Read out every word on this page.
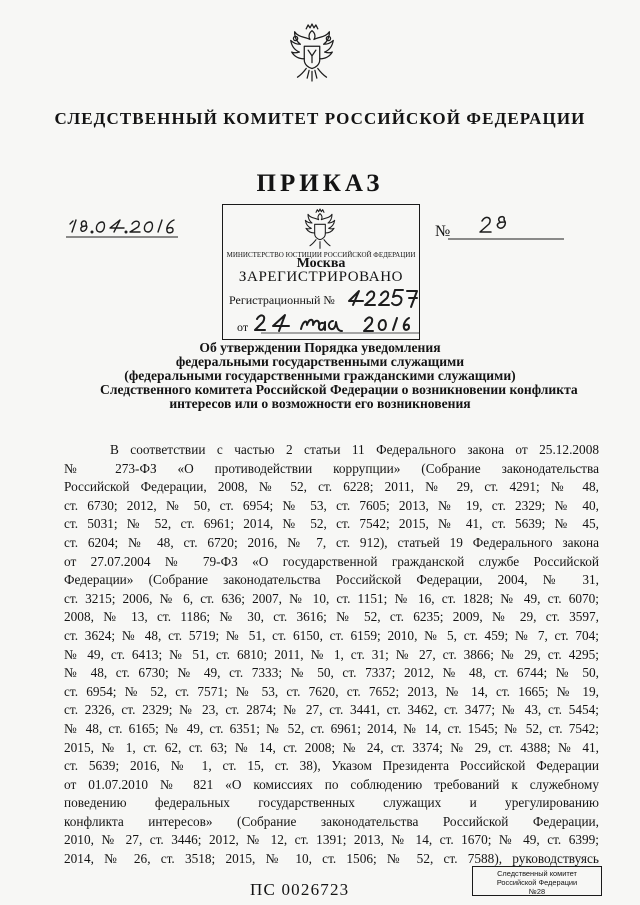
СЛЕДСТВЕННЫЙ КОМИТЕТ РОССИЙСКОЙ ФЕДЕРАЦИИ
ПРИКАЗ
№
МИНИСТЕРСТВО ЮСТИЦИИ РОССИЙСКОЙ ФЕДЕРАЦИИ
Москва
ЗАРЕГИСТРИРОВАНО
Регистрационный №
от
Об утверждении Порядка уведомления
федеральными государственными служащими
(федеральными государственными гражданскими служащими)
Следственного комитета Российской Федерации о возникновении конфликта
интересов или о возможности его возникновения
В соответствии с частью 2 статьи 11 Федерального закона от 25.12.2008
№ 273-ФЗ «О противодействии коррупции» (Собрание законодательства
Российской Федерации, 2008, № 52, ст. 6228; 2011, № 29, ст. 4291; № 48,
ст. 6730; 2012, № 50, ст. 6954; № 53, ст. 7605; 2013, № 19, ст. 2329; № 40,
ст. 5031; № 52, ст. 6961; 2014, № 52, ст. 7542; 2015, № 41, ст. 5639; № 45,
ст. 6204; № 48, ст. 6720; 2016, № 7, ст. 912), статьей 19 Федерального закона
от 27.07.2004 № 79-ФЗ «О государственной гражданской службе Российской
Федерации» (Собрание законодательства Российской Федерации, 2004, № 31,
ст. 3215; 2006, № 6, ст. 636; 2007, № 10, ст. 1151; № 16, ст. 1828; № 49, ст. 6070;
2008, № 13, ст. 1186; № 30, ст. 3616; № 52, ст. 6235; 2009, № 29, ст. 3597,
ст. 3624; № 48, ст. 5719; № 51, ст. 6150, ст. 6159; 2010, № 5, ст. 459; № 7, ст. 704;
№ 49, ст. 6413; № 51, ст. 6810; 2011, № 1, ст. 31; № 27, ст. 3866; № 29, ст. 4295;
№ 48, ст. 6730; № 49, ст. 7333; № 50, ст. 7337; 2012, № 48, ст. 6744; № 50,
ст. 6954; № 52, ст. 7571; № 53, ст. 7620, ст. 7652; 2013, № 14, ст. 1665; № 19,
ст. 2326, ст. 2329; № 23, ст. 2874; № 27, ст. 3441, ст. 3462, ст. 3477; № 43, ст. 5454;
№ 48, ст. 6165; № 49, ст. 6351; № 52, ст. 6961; 2014, № 14, ст. 1545; № 52, ст. 7542;
2015, № 1, ст. 62, ст. 63; № 14, ст. 2008; № 24, ст. 3374; № 29, ст. 4388; № 41,
ст. 5639; 2016, № 1, ст. 15, ст. 38), Указом Президента Российской Федерации
от 01.07.2010 № 821 «О комиссиях по соблюдению требований к служебному
поведению федеральных государственных служащих и урегулированию
конфликта интересов» (Собрание законодательства Российской Федерации,
2010, № 27, ст. 3446; 2012, № 12, ст. 1391; 2013, № 14, ст. 1670; № 49, ст. 6399;
2014, № 26, ст. 3518; 2015, № 10, ст. 1506; № 52, ст. 7588), руководствуясь
Следственный комитет
Российской Федерации
№28
ПС 0026723
